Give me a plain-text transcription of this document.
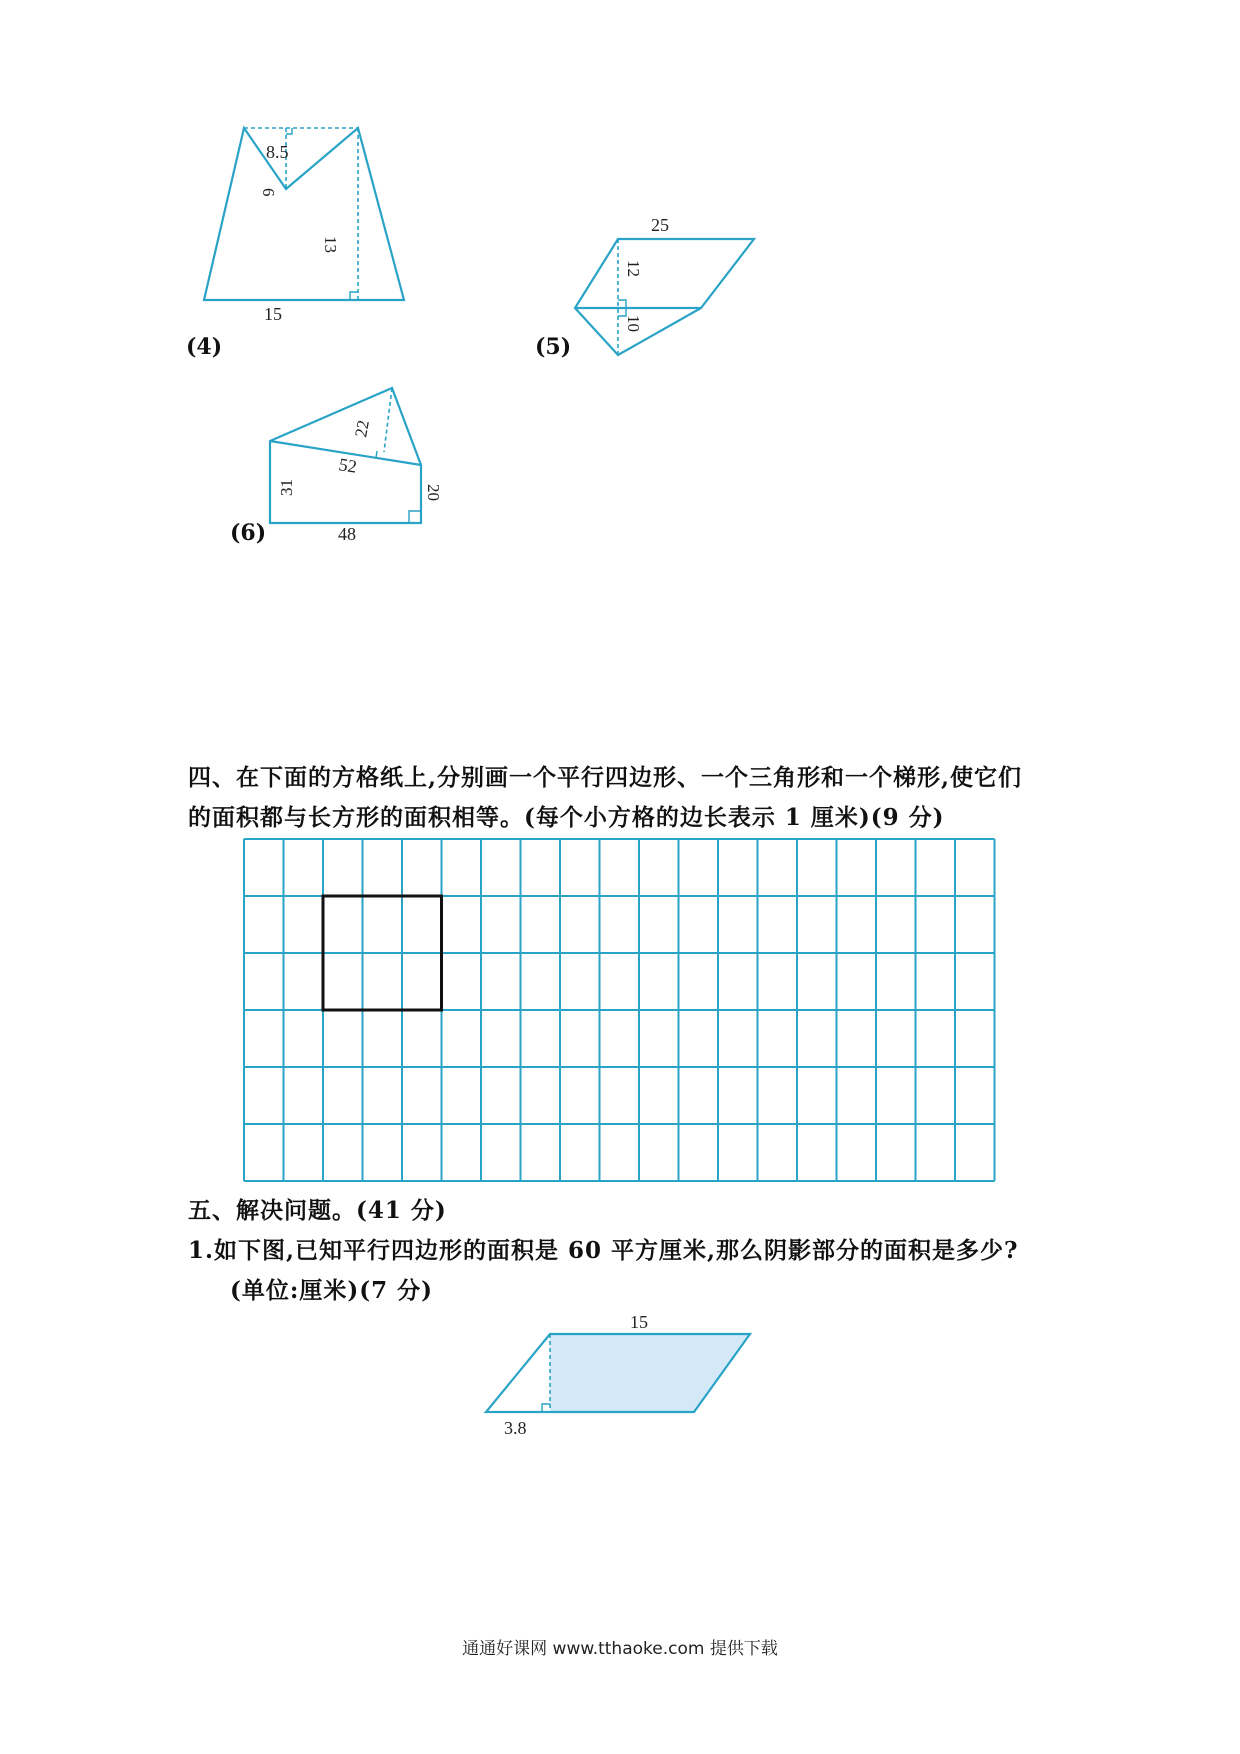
8.5
6
13
15
(4)
25
12
10
(5)
22
52
31	20
48
(6)
四、在下面的方格纸上,分别画一个平行四边形、一个三角形和一个梯形,使它们
的面积都与长方形的面积相等。(每个小方格的边长表示 1 厘米)(9 分)
五、解决问题。(41 分)
1.如下图,已知平行四边形的面积是 60 平方厘米,那么阴影部分的面积是多少?
(单位:厘米)(7 分)
15
3.8
通通好课网 www.tthaoke.com 提供下载
